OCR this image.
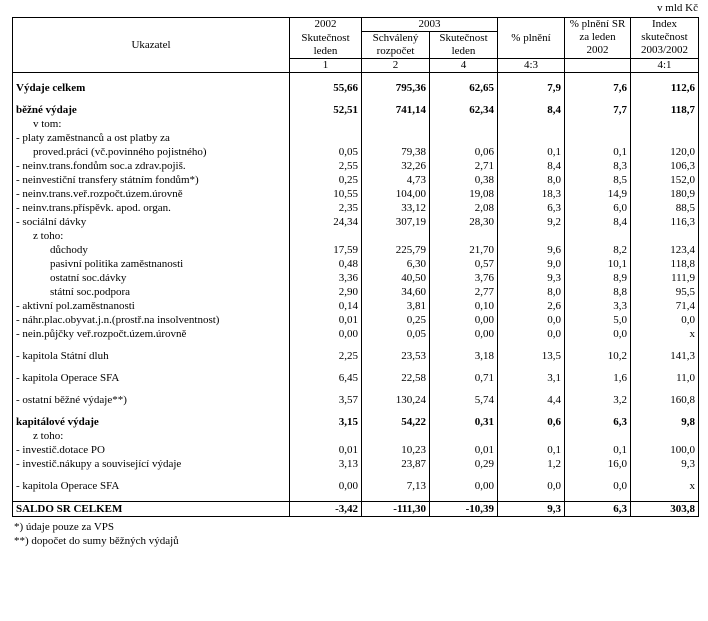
v mld Kč
Ukazatel	2002	2003		% plnění	% plnění SR za leden 2002	Index skutečnost 2003/2002
	Skutečnost leden	Schválený rozpočet	Skutečnost leden			
	1	2	4	4:3		4:1

Výdaje celkem	55,66	795,36	62,65	7,9	7,6	112,6

běžné výdaje	52,51	741,14	62,34	8,4	7,7	118,7
v tom:						
- platy zaměstnanců a ost platby za						
proved.práci (vč.povinného pojistného)	0,05	79,38	0,06	0,1	0,1	120,0
- neinv.trans.fondům soc.a zdrav.pojiš.	2,55	32,26	2,71	8,4	8,3	106,3
- neinvestiční transfery státním fondům*)	0,25	4,73	0,38	8,0	8,5	152,0
- neinv.trans.veř.rozpočt.územ.úrovně	10,55	104,00	19,08	18,3	14,9	180,9
- neinv.trans.příspěvk. apod. organ.	2,35	33,12	2,08	6,3	6,0	88,5
- sociální dávky	24,34	307,19	28,30	9,2	8,4	116,3
z toho:						
důchody	17,59	225,79	21,70	9,6	8,2	123,4
pasivní politika zaměstnanosti	0,48	6,30	0,57	9,0	10,1	118,8
ostatní soc.dávky	3,36	40,50	3,76	9,3	8,9	111,9
státní soc.podpora	2,90	34,60	2,77	8,0	8,8	95,5
- aktivní pol.zaměstnanosti	0,14	3,81	0,10	2,6	3,3	71,4
- náhr.plac.obyvat.j.n.(prostř.na insolventnost)	0,01	0,25	0,00	0,0	5,0	0,0
- nein.půjčky veř.rozpočt.územ.úrovně	0,00	0,05	0,00	0,0	0,0	x

- kapitola Státní dluh	2,25	23,53	3,18	13,5	10,2	141,3

- kapitola Operace SFA	6,45	22,58	0,71	3,1	1,6	11,0

- ostatní běžné výdaje**)	3,57	130,24	5,74	4,4	3,2	160,8

kapitálové výdaje	3,15	54,22	0,31	0,6	6,3	9,8
z toho:						
- investič.dotace PO	0,01	10,23	0,01	0,1	0,1	100,0
- investič.nákupy a související výdaje	3,13	23,87	0,29	1,2	16,0	9,3

- kapitola Operace SFA	0,00	7,13	0,00	0,0	0,0	x

SALDO SR CELKEM	-3,42	-111,30	-10,39	9,3	6,3	303,8
*) údaje pouze za VPS
**) dopočet do sumy běžných výdajů
